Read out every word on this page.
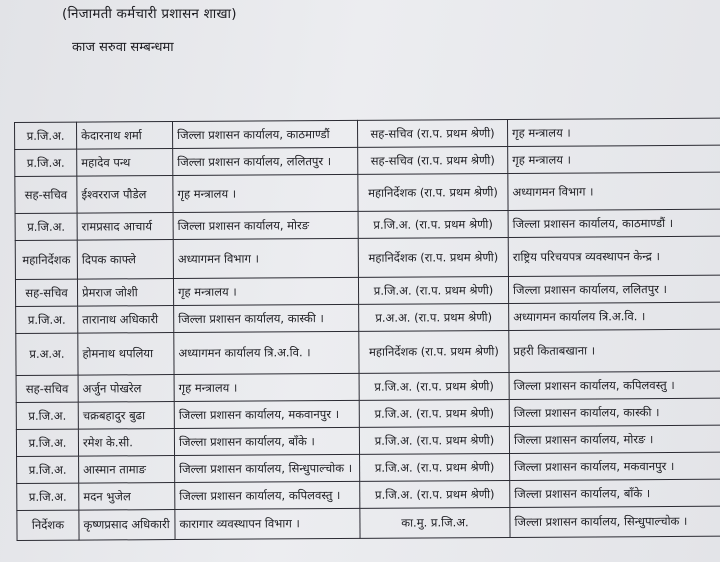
(निजामती कर्मचारी प्रशासन शाखा)
काज सरुवा सम्बन्धमा
प्र.जि.अ.	केदारनाथ शर्मा	जिल्ला प्रशासन कार्यालय, काठमाण्डौं	सह-सचिव (रा.प. प्रथम श्रेणी)	गृह मन्त्रालय ।
प्र.जि.अ.	महादेव पन्थ	जिल्ला प्रशासन कार्यालय, ललितपुर ।	सह-सचिव (रा.प. प्रथम श्रेणी)	गृह मन्त्रालय ।
सह-सचिव	ईश्वरराज पौडेल	गृह मन्त्रालय ।	महानिर्देशक (रा.प. प्रथम श्रेणी)	अध्यागमन विभाग ।
प्र.जि.अ.	रामप्रसाद आचार्य	जिल्ला प्रशासन कार्यालय, मोरङ	प्र.जि.अ. (रा.प. प्रथम श्रेणी)	जिल्ला प्रशासन कार्यालय, काठमाण्डौं ।
महानिर्देशक	दिपक काफ्ले	अध्यागमन विभाग ।	महानिर्देशक (रा.प. प्रथम श्रेणी)	राष्ट्रिय परिचयपत्र व्यवस्थापन केन्द्र ।
सह-सचिव	प्रेमराज जोशी	गृह मन्त्रालय ।	प्र.जि.अ. (रा.प. प्रथम श्रेणी)	जिल्ला प्रशासन कार्यालय, ललितपुर ।
प्र.जि.अ.	तारानाथ अधिकारी	जिल्ला प्रशासन कार्यालय, कास्की ।	प्र.अ.अ. (रा.प. प्रथम श्रेणी)	अध्यागमन कार्यालय त्रि.अ.वि. ।
प्र.अ.अ.	होमनाथ थपलिया	अध्यागमन कार्यालय त्रि.अ.वि. ।	महानिर्देशक (रा.प. प्रथम श्रेणी)	प्रहरी किताबखाना ।
सह-सचिव	अर्जुन पोखरेल	गृह मन्त्रालय ।	प्र.जि.अ. (रा.प. प्रथम श्रेणी)	जिल्ला प्रशासन कार्यालय, कपिलवस्तु ।
प्र.जि.अ.	चक्रबहादुर बुढा	जिल्ला प्रशासन कार्यालय, मकवानपुर ।	प्र.जि.अ. (रा.प. प्रथम श्रेणी)	जिल्ला प्रशासन कार्यालय, कास्की ।
प्र.जि.अ.	रमेश के.सी.	जिल्ला प्रशासन कार्यालय, बाँके ।	प्र.जि.अ. (रा.प. प्रथम श्रेणी)	जिल्ला प्रशासन कार्यालय, मोरङ ।
प्र.जि.अ.	आस्मान तामाङ	जिल्ला प्रशासन कार्यालय, सिन्धुपाल्चोक ।	प्र.जि.अ. (रा.प. प्रथम श्रेणी)	जिल्ला प्रशासन कार्यालय, मकवानपुर ।
प्र.जि.अ.	मदन भुजेल	जिल्ला प्रशासन कार्यालय, कपिलवस्तु ।	प्र.जि.अ. (रा.प. प्रथम श्रेणी)	जिल्ला प्रशासन कार्यालय, बाँके ।
निर्देशक	कृष्णप्रसाद अधिकारी	कारागार व्यवस्थापन विभाग ।	का.मु. प्र.जि.अ.	जिल्ला प्रशासन कार्यालय, सिन्धुपाल्चोक ।
